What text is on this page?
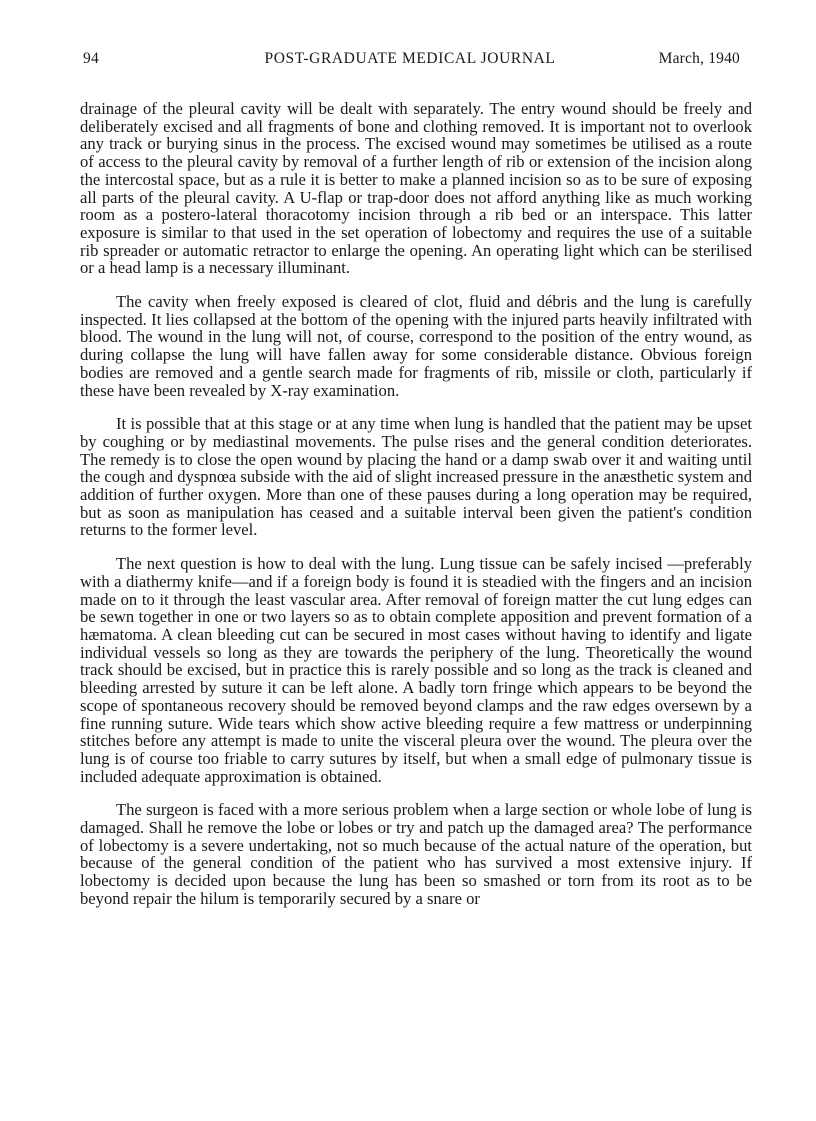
94	POST-GRADUATE MEDICAL JOURNAL	March, 1940

drainage of the pleural cavity will be dealt with separately. The entry wound should be freely and deliberately excised and all fragments of bone and clothing removed. It is important not to overlook any track or burying sinus in the process. The excised wound may sometimes be utilised as a route of access to the pleural cavity by removal of a further length of rib or extension of the incision along the intercostal space, but as a rule it is better to make a planned incision so as to be sure of exposing all parts of the pleural cavity. A U-flap or trap-door does not afford anything like as much working room as a postero-lateral thoracotomy incision through a rib bed or an interspace. This latter exposure is similar to that used in the set operation of lobectomy and requires the use of a suitable rib spreader or automatic retractor to enlarge the opening. An operating light which can be sterilised or a head lamp is a necessary illuminant.

The cavity when freely exposed is cleared of clot, fluid and débris and the lung is carefully inspected. It lies collapsed at the bottom of the opening with the injured parts heavily infiltrated with blood. The wound in the lung will not, of course, correspond to the position of the entry wound, as during collapse the lung will have fallen away for some considerable distance. Obvious foreign bodies are removed and a gentle search made for fragments of rib, missile or cloth, particularly if these have been revealed by X-ray examination.

It is possible that at this stage or at any time when lung is handled that the patient may be upset by coughing or by mediastinal movements. The pulse rises and the general condition deteriorates. The remedy is to close the open wound by placing the hand or a damp swab over it and waiting until the cough and dyspnœa subside with the aid of slight increased pressure in the anæsthetic system and addition of further oxygen. More than one of these pauses during a long operation may be required, but as soon as manipulation has ceased and a suitable interval been given the patient's condition returns to the former level.

The next question is how to deal with the lung. Lung tissue can be safely incised —preferably with a diathermy knife—and if a foreign body is found it is steadied with the fingers and an incision made on to it through the least vascular area. After removal of foreign matter the cut lung edges can be sewn together in one or two layers so as to obtain complete apposition and prevent formation of a hæmatoma. A clean bleeding cut can be secured in most cases without having to identify and ligate individual vessels so long as they are towards the periphery of the lung. Theoretically the wound track should be excised, but in practice this is rarely possible and so long as the track is cleaned and bleeding arrested by suture it can be left alone. A badly torn fringe which appears to be beyond the scope of spontaneous recovery should be removed beyond clamps and the raw edges oversewn by a fine running suture. Wide tears which show active bleeding require a few mattress or underpinning stitches before any attempt is made to unite the visceral pleura over the wound. The pleura over the lung is of course too friable to carry sutures by itself, but when a small edge of pulmonary tissue is included adequate approximation is obtained.

The surgeon is faced with a more serious problem when a large section or whole lobe of lung is damaged. Shall he remove the lobe or lobes or try and patch up the damaged area? The performance of lobectomy is a severe undertaking, not so much because of the actual nature of the operation, but because of the general condition of the patient who has survived a most extensive injury. If lobectomy is decided upon because the lung has been so smashed or torn from its root as to be beyond repair the hilum is temporarily secured by a snare or
